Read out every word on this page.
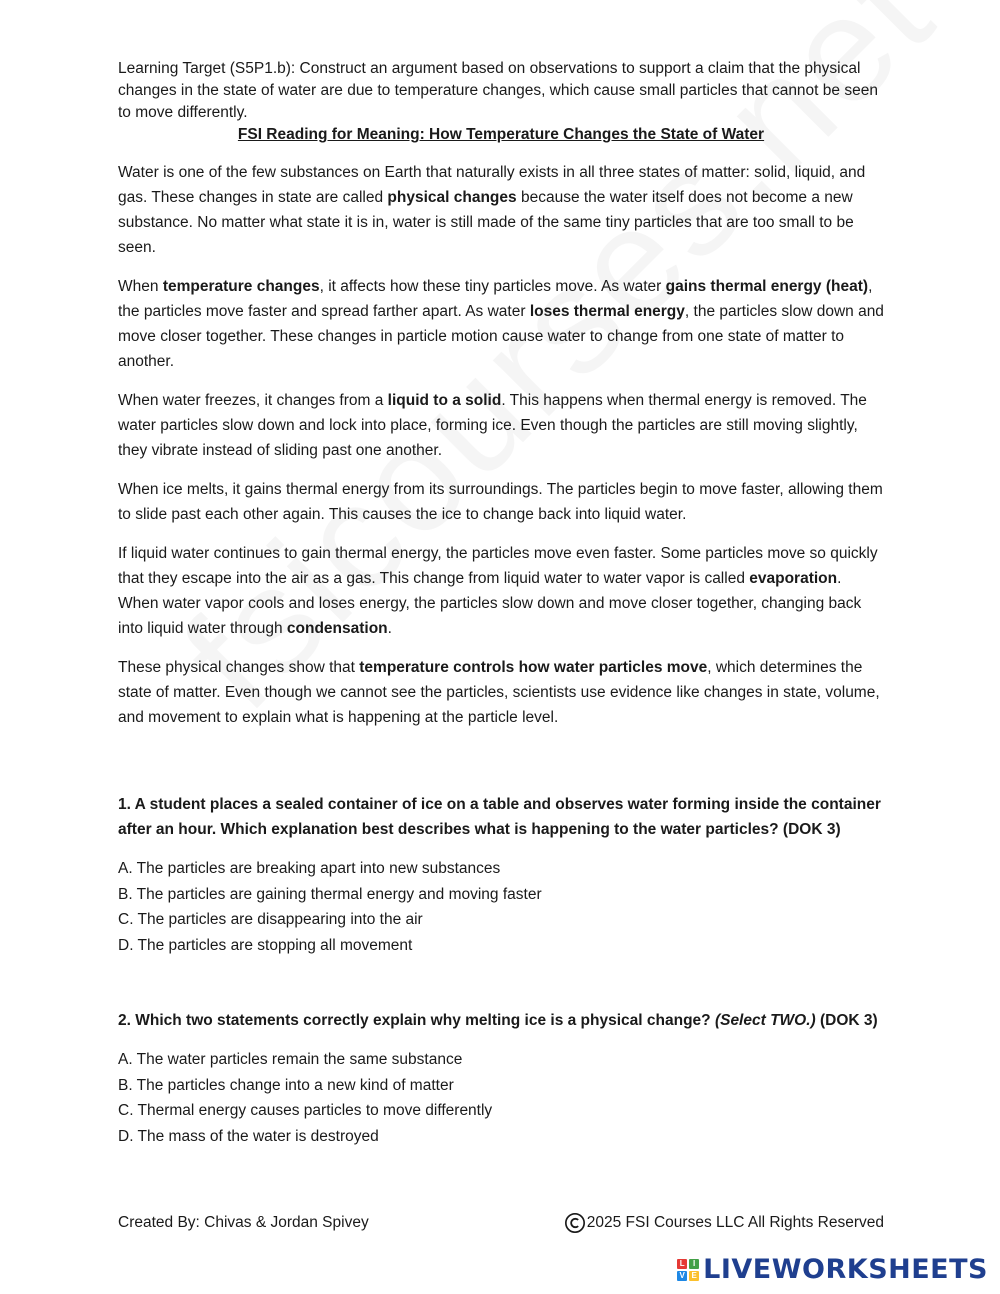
Learning Target (S5P1.b): Construct an argument based on observations to support a claim that the physical changes in the state of water are due to temperature changes, which cause small particles that cannot be seen to move differently.

FSI Reading for Meaning: How Temperature Changes the State of Water

Water is one of the few substances on Earth that naturally exists in all three states of matter: solid, liquid, and gas. These changes in state are called physical changes because the water itself does not become a new substance. No matter what state it is in, water is still made of the same tiny particles that are too small to be seen.

When temperature changes, it affects how these tiny particles move. As water gains thermal energy (heat), the particles move faster and spread farther apart. As water loses thermal energy, the particles slow down and move closer together. These changes in particle motion cause water to change from one state of matter to another.

When water freezes, it changes from a liquid to a solid. This happens when thermal energy is removed. The water particles slow down and lock into place, forming ice. Even though the particles are still moving slightly, they vibrate instead of sliding past one another.

When ice melts, it gains thermal energy from its surroundings. The particles begin to move faster, allowing them to slide past each other again. This causes the ice to change back into liquid water.

If liquid water continues to gain thermal energy, the particles move even faster. Some particles move so quickly that they escape into the air as a gas. This change from liquid water to water vapor is called evaporation. When water vapor cools and loses energy, the particles slow down and move closer together, changing back into liquid water through condensation.

These physical changes show that temperature controls how water particles move, which determines the state of matter. Even though we cannot see the particles, scientists use evidence like changes in state, volume, and movement to explain what is happening at the particle level.

1. A student places a sealed container of ice on a table and observes water forming inside the container after an hour. Which explanation best describes what is happening to the water particles? (DOK 3)

A. The particles are breaking apart into new substances
B. The particles are gaining thermal energy and moving faster
C. The particles are disappearing into the air
D. The particles are stopping all movement

2. Which two statements correctly explain why melting ice is a physical change? (Select TWO.) (DOK 3)

A. The water particles remain the same substance
B. The particles change into a new kind of matter
C. Thermal energy causes particles to move differently
D. The mass of the water is destroyed
Created By: Chivas & Jordan Spivey	2025 FSI Courses LLC All Rights Reserved
L	I
V E LIVEWORKSHEETS
